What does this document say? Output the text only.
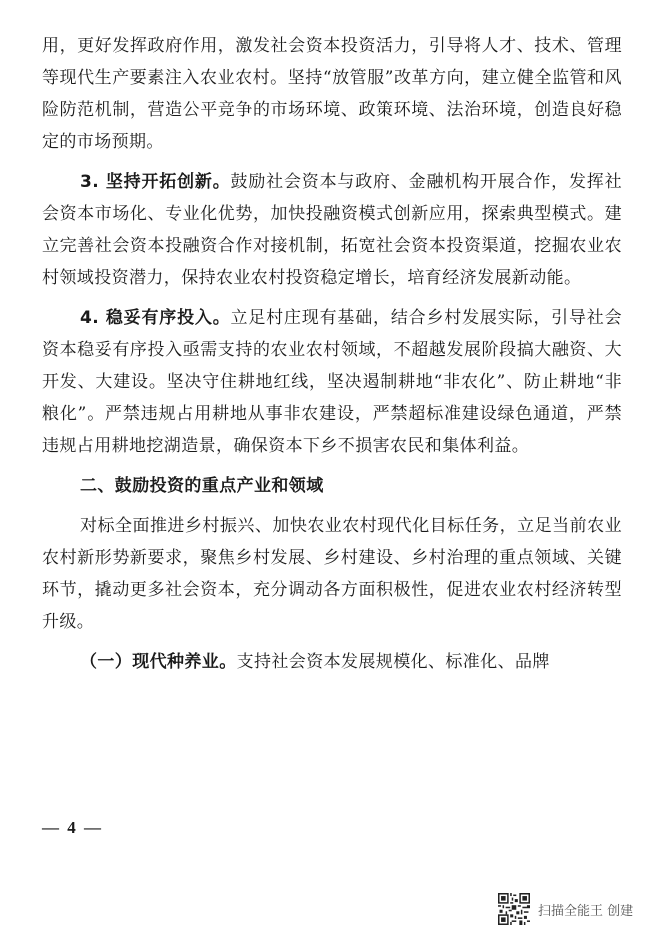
用，更好发挥政府作用，激发社会资本投资活力，引导将人才、技术、管理等现代生产要素注入农业农村。坚持“放管服”改革方向，建立健全监管和风险防范机制，营造公平竞争的市场环境、政策环境、法治环境，创造良好稳定的市场预期。

3. 坚持开拓创新。鼓励社会资本与政府、金融机构开展合作，发挥社会资本市场化、专业化优势，加快投融资模式创新应用，探索典型模式。建立完善社会资本投融资合作对接机制，拓宽社会资本投资渠道，挖掘农业农村领域投资潜力，保持农业农村投资稳定增长，培育经济发展新动能。

4. 稳妥有序投入。立足村庄现有基础，结合乡村发展实际，引导社会资本稳妥有序投入亟需支持的农业农村领域，不超越发展阶段搞大融资、大开发、大建设。坚决守住耕地红线，坚决遏制耕地“非农化”、防止耕地“非粮化”。严禁违规占用耕地从事非农建设，严禁超标准建设绿色通道，严禁违规占用耕地挖湖造景，确保资本下乡不损害农民和集体利益。

二、鼓励投资的重点产业和领域

对标全面推进乡村振兴、加快农业农村现代化目标任务，立足当前农业农村新形势新要求，聚焦乡村发展、乡村建设、乡村治理的重点领域、关键环节，撬动更多社会资本，充分调动各方面积极性，促进农业农村经济转型升级。

（一）现代种养业。支持社会资本发展规模化、标准化、品牌

— 4 —
扫描全能王 创建
